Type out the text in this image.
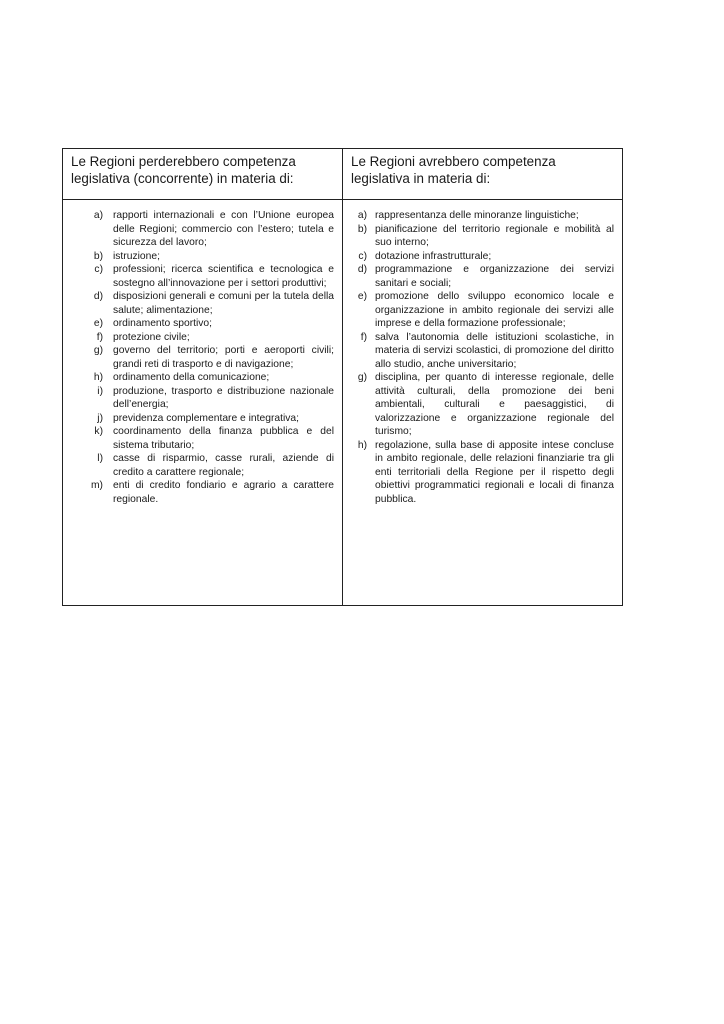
Le Regioni perderebbero competenza legislativa (concorrente) in materia di:
Le Regioni avrebbero competenza legislativa in materia di:
a) rapporti internazionali e con l’Unione europea delle Regioni; commercio con l’estero; tutela e sicurezza del lavoro;
b) istruzione;
c) professioni; ricerca scientifica e tecnologica e sostegno all’innovazione per i settori produttivi;
d) disposizioni generali e comuni per la tutela della salute; alimentazione;
e) ordinamento sportivo;
f) protezione civile;
g) governo del territorio; porti e aeroporti civili; grandi reti di trasporto e di navigazione;
h) ordinamento della comunicazione;
i) produzione, trasporto e distribuzione nazionale dell’energia;
j) previdenza complementare e integrativa;
k) coordinamento della finanza pubblica e del sistema tributario;
l) casse di risparmio, casse rurali, aziende di credito a carattere regionale;
m) enti di credito fondiario e agrario a carattere regionale.
a) rappresentanza delle minoranze linguistiche;
b) pianificazione del territorio regionale e mobilità al suo interno;
c) dotazione infrastrutturale;
d) programmazione e organizzazione dei servizi sanitari e sociali;
e) promozione dello sviluppo economico locale e organizzazione in ambito regionale dei servizi alle imprese e della formazione professionale;
f) salva l’autonomia delle istituzioni scolastiche, in materia di servizi scolastici, di promozione del diritto allo studio, anche universitario;
g) disciplina, per quanto di interesse regionale, delle attività culturali, della promozione dei beni ambientali, culturali e paesaggistici, di valorizzazione e organizzazione regionale del turismo;
h) regolazione, sulla base di apposite intese concluse in ambito regionale, delle relazioni finanziarie tra gli enti territoriali della Regione per il rispetto degli obiettivi programmatici regionali e locali di finanza pubblica.
